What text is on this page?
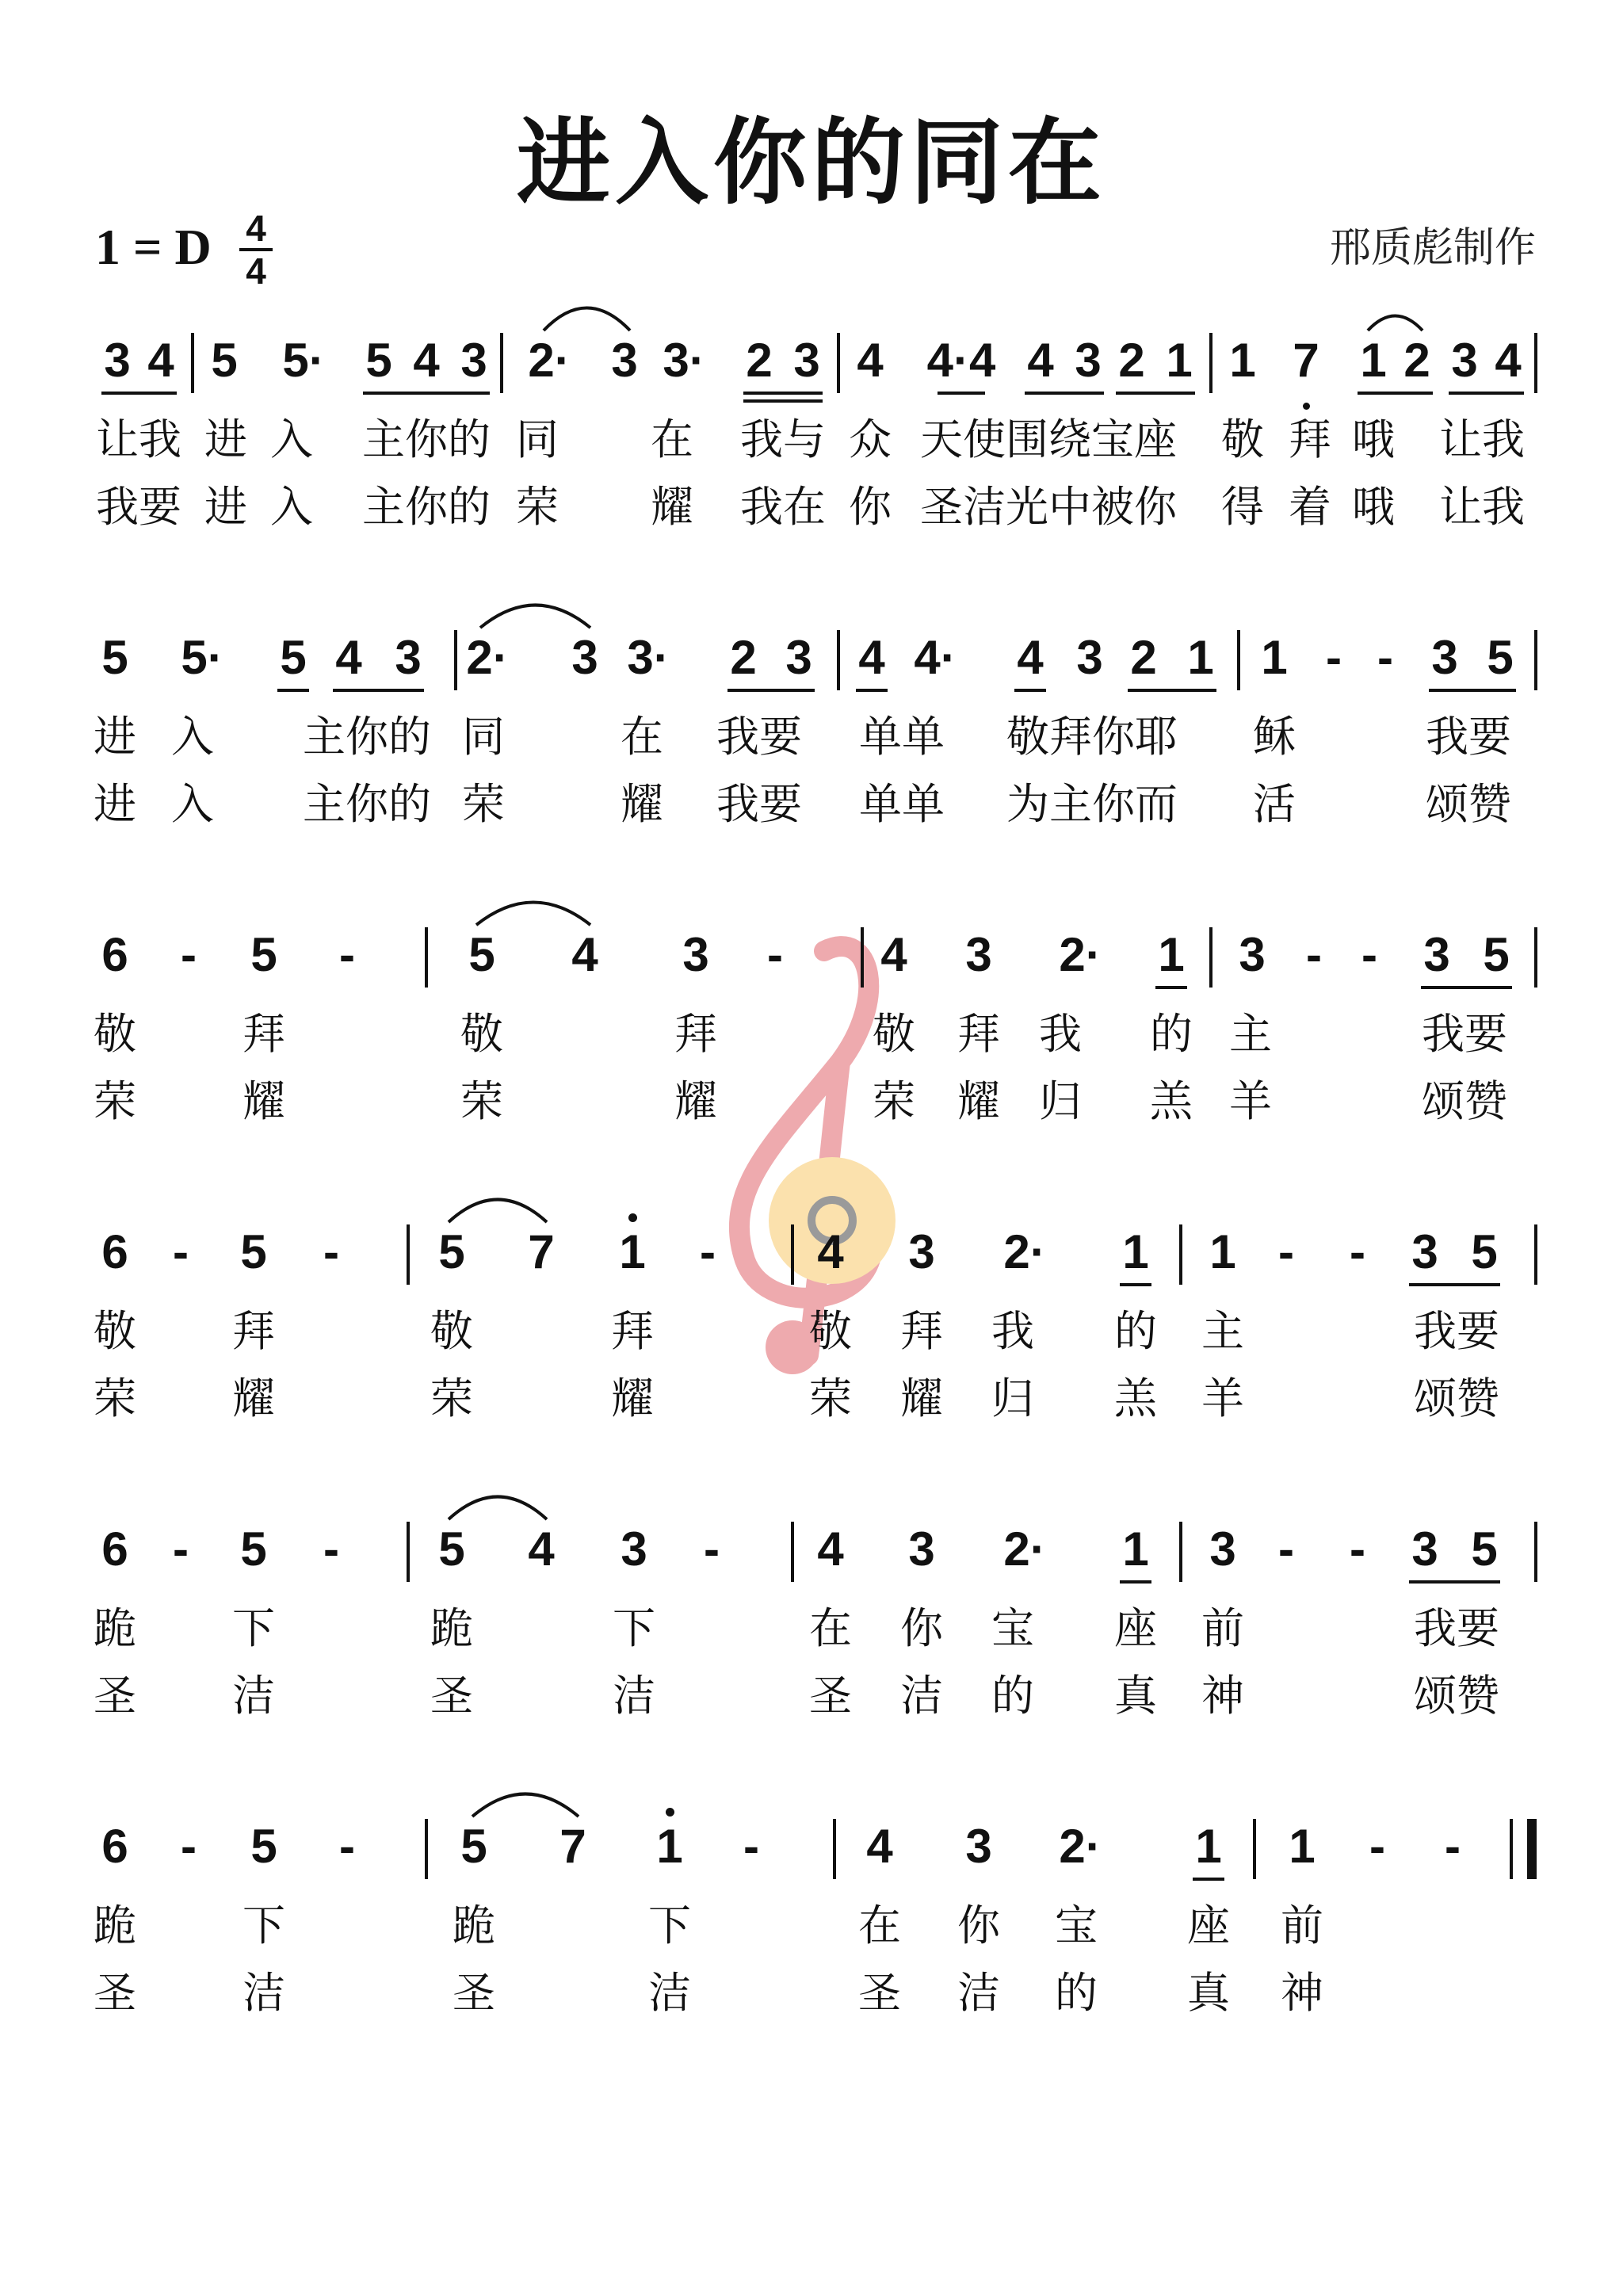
进入你的同在
邢质彪制作
1 = D 4
4
3 4 5 5· 5 4 3 2· 3 3· 2 3 4 4·4 4 3 2 1 1 7 1 2 3 4
让我 进 入 主你的 同 在 我与 众 天使围绕宝座 敬 拜 哦 让我
我要 进 入 主你的 荣 耀 我在 你 圣洁光中被你 得 着 哦 让我
5 5· 5 4 3 2· 3 3· 2 3 4 4· 4 3 2 1 1 - - 3 5
进 入 主你的 同	在 我要 单单 敬拜你耶 稣	我要
进 入 主你的 荣	耀 我要 单单 为主你而 活	颂赞
6 - 5 - 5 4 3 - 4 3 2· 1 3 - - 3 5
敬 拜	敬	拜	敬 拜 我 的 主	我要
荣 耀	荣	耀	荣 耀 归 羔 羊	颂赞
6 - 5 - 5 7 1 - 4 3 2· 1 1 - - 3 5
敬 拜	敬	拜	敬 拜 我 的 主	我要
荣 耀	荣	耀	荣 耀 归 羔 羊	颂赞
6 - 5 - 5 4 3 - 4 3 2· 1 3 - - 3 5
跪 下	跪	下	在 你 宝 座 前	我要
圣 洁	圣	洁	圣 洁 的 真 神	颂赞
6 - 5 - 5 7 1 - 4 3 2· 1 1 - -
跪 下	跪	下	在 你 宝 座 前
圣 洁	圣	洁	圣 洁 的 真 神
